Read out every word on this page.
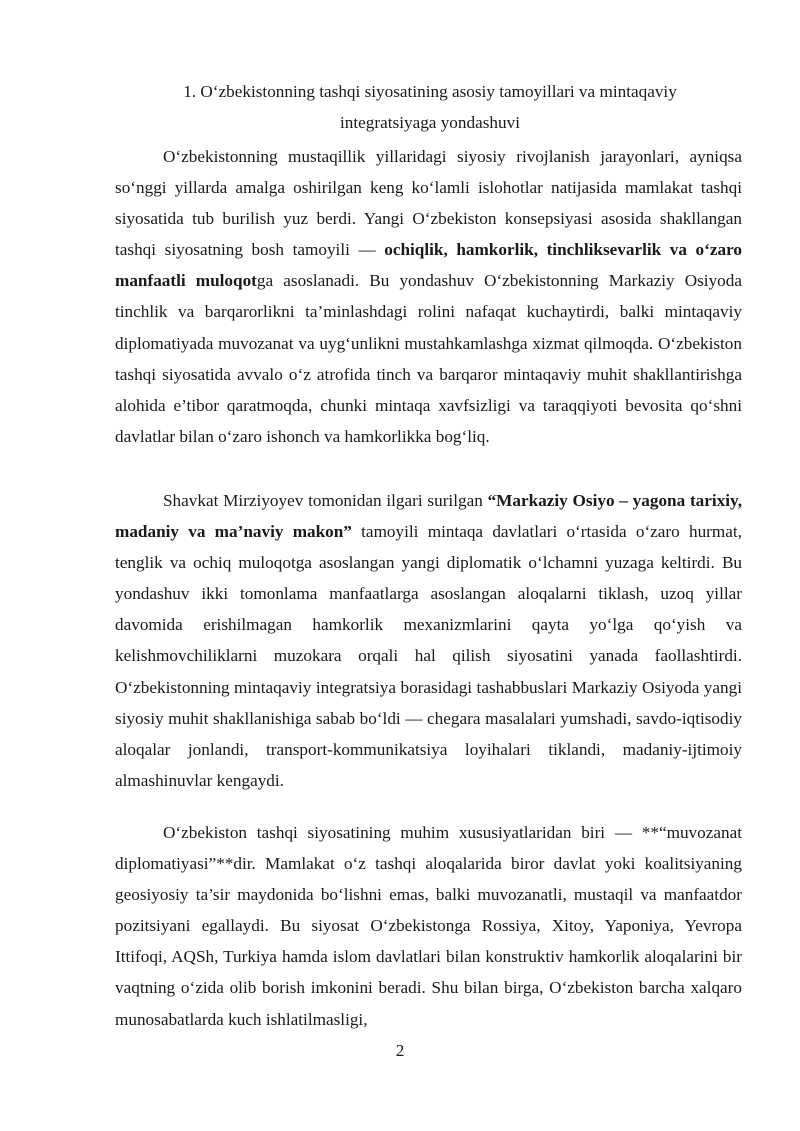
1. O‘zbekistonning tashqi siyosatining asosiy tamoyillari va mintaqaviy
integratsiyaga yondashuvi

O‘zbekistonning mustaqillik yillaridagi siyosiy rivojlanish jarayonlari, ayniqsa so‘nggi yillarda amalga oshirilgan keng ko‘lamli islohotlar natijasida mamlakat tashqi siyosatida tub burilish yuz berdi. Yangi O‘zbekiston konsepsiyasi asosida shakllangan tashqi siyosatning bosh tamoyili — ochiqlik, hamkorlik, tinchliksevarlik va o‘zaro manfaatli muloqotga asoslanadi. Bu yondashuv O‘zbekistonning Markaziy Osiyoda tinchlik va barqarorlikni ta’minlashdagi rolini nafaqat kuchaytirdi, balki mintaqaviy diplomatiyada muvozanat va uyg‘unlikni mustahkamlashga xizmat qilmoqda. O‘zbekiston tashqi siyosatida avvalo o‘z atrofida tinch va barqaror mintaqaviy muhit shakllantirishga alohida e’tibor qaratmoqda, chunki mintaqa xavfsizligi va taraqqiyoti bevosita qo‘shni davlatlar bilan o‘zaro ishonch va hamkorlikka bog‘liq.

Shavkat Mirziyoyev tomonidan ilgari surilgan “Markaziy Osiyo – yagona tarixiy, madaniy va ma’naviy makon” tamoyili mintaqa davlatlari o‘rtasida o‘zaro hurmat, tenglik va ochiq muloqotga asoslangan yangi diplomatik o‘lchamni yuzaga keltirdi. Bu yondashuv ikki tomonlama manfaatlarga asoslangan aloqalarni tiklash, uzoq yillar davomida erishilmagan hamkorlik mexanizmlarini qayta yo‘lga qo‘yish va kelishmovchiliklarni muzokara orqali hal qilish siyosatini yanada faollashtirdi. O‘zbekistonning mintaqaviy integratsiya borasidagi tashabbuslari Markaziy Osiyoda yangi siyosiy muhit shakllanishiga sabab bo‘ldi — chegara masalalari yumshadi, savdo-iqtisodiy aloqalar jonlandi, transport-kommunikatsiya loyihalari tiklandi, madaniy-ijtimoiy almashinuvlar kengaydi.

O‘zbekiston tashqi siyosatining muhim xususiyatlaridan biri — **“muvozanat diplomatiyasi”**dir. Mamlakat o‘z tashqi aloqalarida biror davlat yoki koalitsiyaning geosiyosiy ta’sir maydonida bo‘lishni emas, balki muvozanatli, mustaqil va manfaatdor pozitsiyani egallaydi. Bu siyosat O‘zbekistonga Rossiya, Xitoy, Yaponiya, Yevropa Ittifoqi, AQSh, Turkiya hamda islom davlatlari bilan konstruktiv hamkorlik aloqalarini bir vaqtning o‘zida olib borish imkonini beradi. Shu bilan birga, O‘zbekiston barcha xalqaro munosabatlarda kuch ishlatilmasligi,

2
